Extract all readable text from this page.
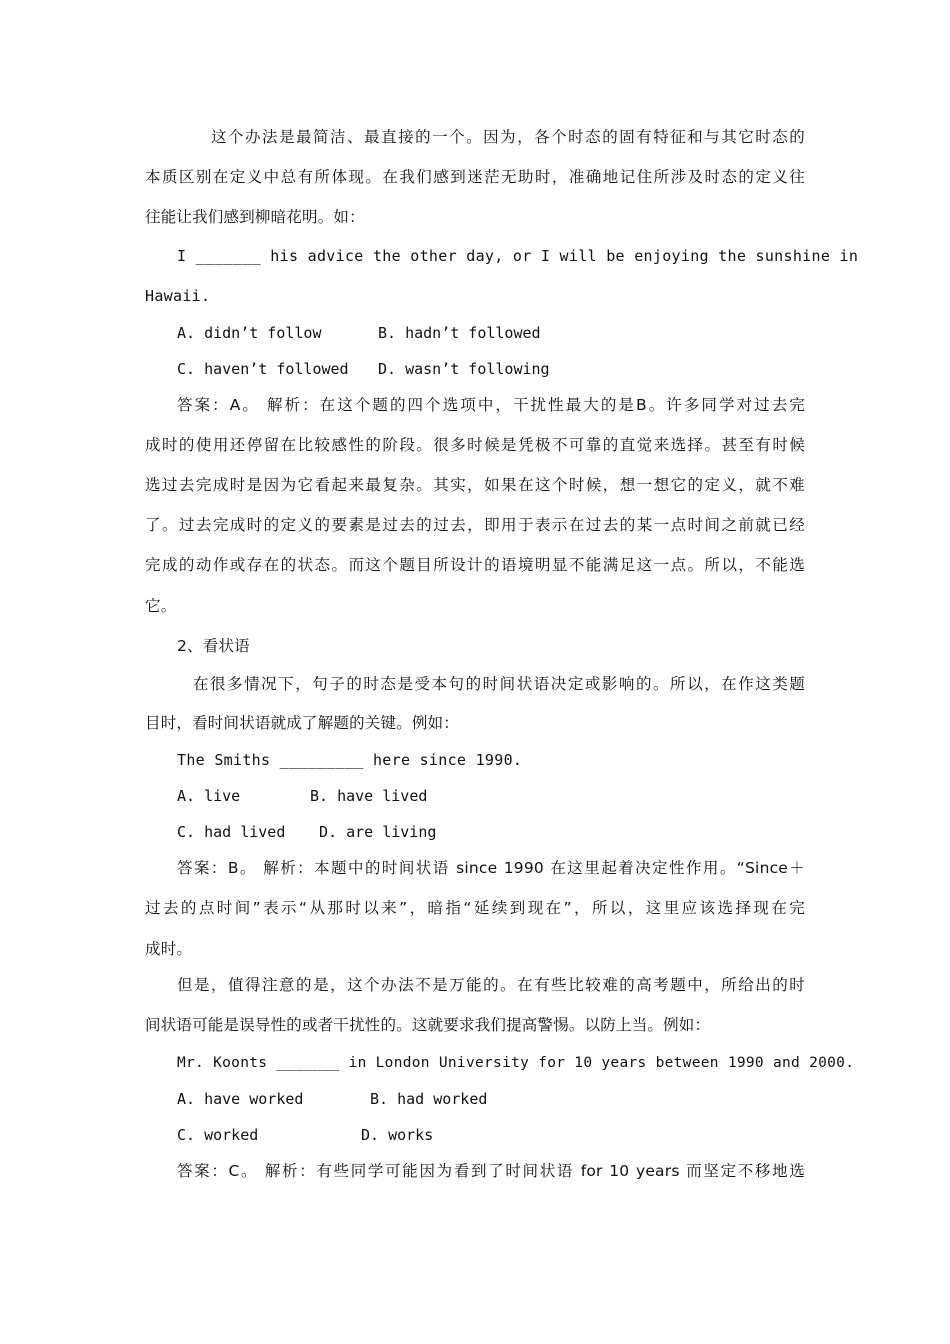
这个办法是最简洁、最直接的一个。因为，各个时态的固有特征和与其它时态的
本质区别在定义中总有所体现。在我们感到迷茫无助时，准确地记住所涉及时态的定义往
往能让我们感到柳暗花明。如：
I _______ his advice the other day, or I will be enjoying the sunshine in
Hawaii.
A. didn’t follow	B. hadn’t followed
C. haven’t followed D. wasn’t following
答案：A。 解析：在这个题的四个选项中，干扰性最大的是B。许多同学对过去完
成时的使用还停留在比较感性的阶段。很多时候是凭极不可靠的直觉来选择。甚至有时候
选过去完成时是因为它看起来最复杂。其实，如果在这个时候，想一想它的定义，就不难
了。过去完成时的定义的要素是过去的过去，即用于表示在过去的某一点时间之前就已经
完成的动作或存在的状态。而这个题目所设计的语境明显不能满足这一点。所以，不能选
它。
2、看状语
在很多情况下，句子的时态是受本句的时间状语决定或影响的。所以，在作这类题
目时，看时间状语就成了解题的关键。例如：
The Smiths _________ here since 1990.
A. live	B. have lived
C. had lived D. are living
答案：B。 解析：本题中的时间状语 since 1990 在这里起着决定性作用。“Since＋
过去的点时间”表示“从那时以来”，暗指“延续到现在”，所以，这里应该选择现在完
成时。
但是，值得注意的是，这个办法不是万能的。在有些比较难的高考题中，所给出的时
间状语可能是误导性的或者干扰性的。这就要求我们提高警惕。以防上当。例如：
Mr. Koonts _______ in London University for 10 years between 1990 and 2000.
A. have worked	B. had worked
C. worked	D. works
答案：C。 解析：有些同学可能因为看到了时间状语 for 10 years 而坚定不移地选
